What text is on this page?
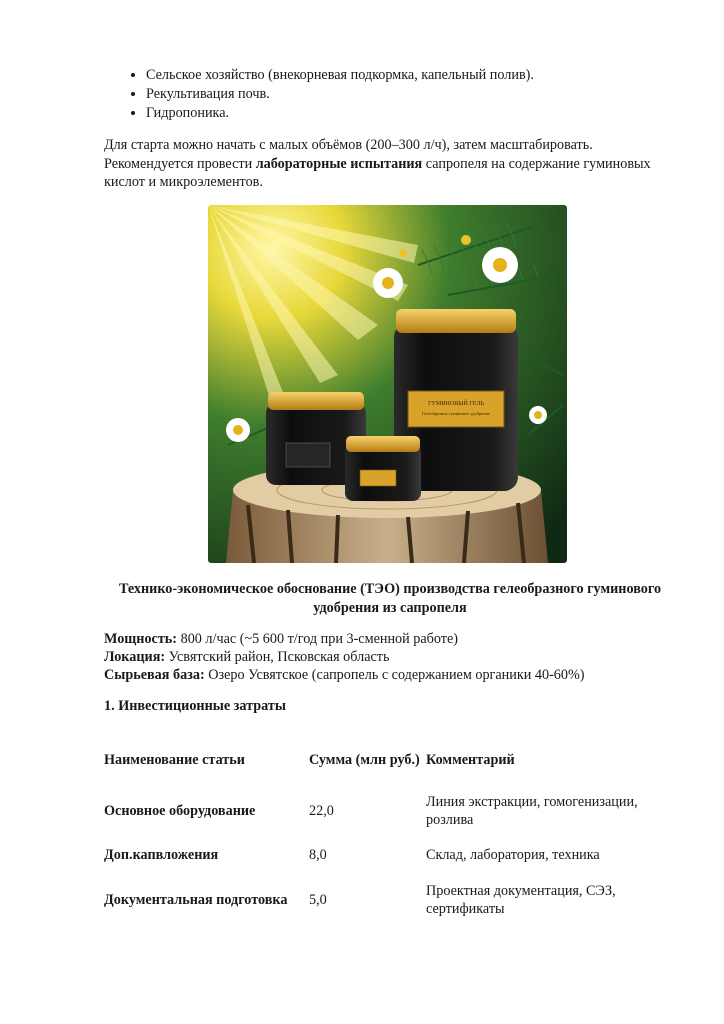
• Сельское хозяйство (внекорневая подкормка, капельный полив).
• Рекультивация почв.
• Гидропоника.

Для старта можно начать с малых объёмов (200–300 л/ч), затем масштабировать.
Рекомендуется провести лабораторные испытания сапропеля на содержание гуминовых кислот и микроэлементов.

ГУМИНОВЫЙ ГЕЛЬ
Гелеобразное гуминовое удобрение

Технико-экономическое обоснование (ТЭО) производства гелеобразного гуминового удобрения из сапропеля

Мощность: 800 л/час (~5 600 т/год при 3-сменной работе)
Локация: Усвятский район, Псковская область
Сырьевая база: Озеро Усвятское (сапропель с содержанием органики 40-60%)

1. Инвестиционные затраты

Наименование статьи	Сумма (млн руб.)	Комментарий
Основное оборудование	22,0	Линия экстракции, гомогенизации, розлива
Доп.капвложения	8,0	Склад, лаборатория, техника
Документальная подготовка	5,0	Проектная документация, СЭЗ, сертификаты
